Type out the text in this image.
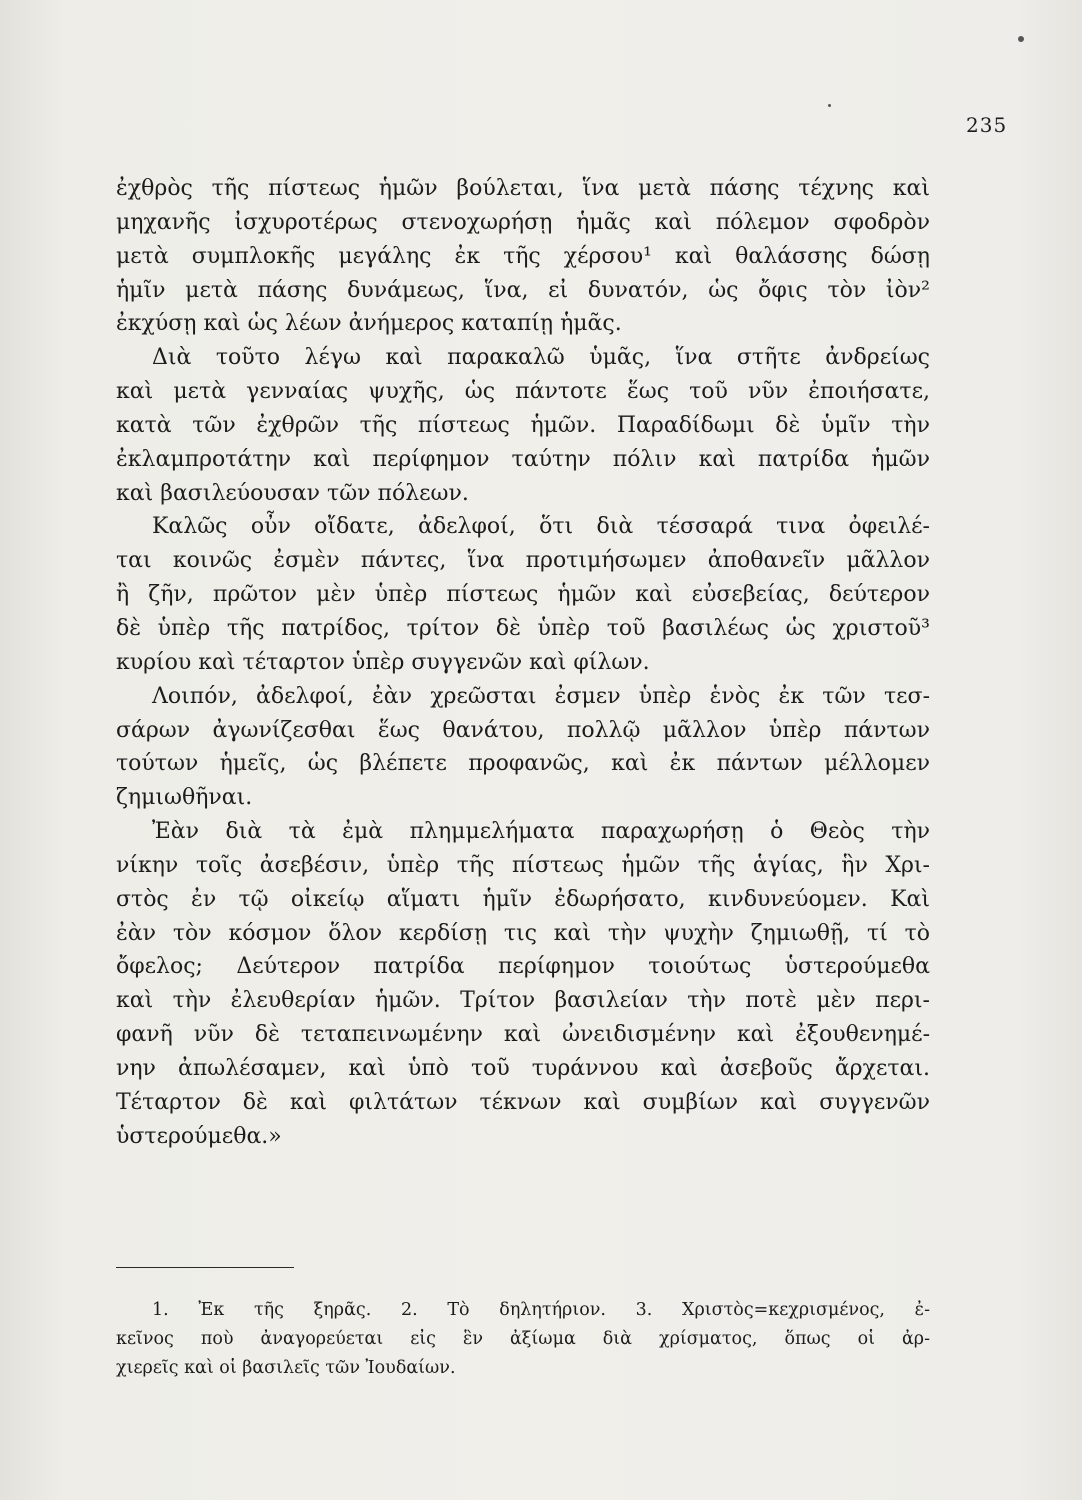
235
ἐχθρὸς τῆς πίστεως ἡμῶν βούλεται, ἵνα μετὰ πάσης τέχνης καὶ
μηχανῆς ἰσχυροτέρως στενοχωρήσῃ ἡμᾶς καὶ πόλεμον σφοδρὸν
μετὰ συμπλοκῆς μεγάλης ἐκ τῆς χέρσου¹ καὶ θαλάσσης δώσῃ
ἡμῖν μετὰ πάσης δυνάμεως, ἵνα, εἰ δυνατόν, ὡς ὄφις τὸν ἰὸν²
ἐκχύσῃ καὶ ὡς λέων ἀνήμερος καταπίῃ ἡμᾶς.
Διὰ τοῦτο λέγω καὶ παρακαλῶ ὑμᾶς, ἵνα στῆτε ἀνδρείως
καὶ μετὰ γενναίας ψυχῆς, ὡς πάντοτε ἕως τοῦ νῦν ἐποιήσατε,
κατὰ τῶν ἐχθρῶν τῆς πίστεως ἡμῶν. Παραδίδωμι δὲ ὑμῖν τὴν
ἐκλαμπροτάτην καὶ περίφημον ταύτην πόλιν καὶ πατρίδα ἡμῶν
καὶ βασιλεύουσαν τῶν πόλεων.
Καλῶς οὖν οἴδατε, ἀδελφοί, ὅτι διὰ τέσσαρά τινα ὀφειλέ-
ται κοινῶς ἐσμὲν πάντες, ἵνα προτιμήσωμεν ἀποθανεῖν μᾶλλον
ἢ ζῆν, πρῶτον μὲν ὑπὲρ πίστεως ἡμῶν καὶ εὐσεβείας, δεύτερον
δὲ ὑπὲρ τῆς πατρίδος, τρίτον δὲ ὑπὲρ τοῦ βασιλέως ὡς χριστοῦ³
κυρίου καὶ τέταρτον ὑπὲρ συγγενῶν καὶ φίλων.
Λοιπόν, ἀδελφοί, ἐὰν χρεῶσται ἐσμεν ὑπὲρ ἑνὸς ἐκ τῶν τεσ-
σάρων ἀγωνίζεσθαι ἕως θανάτου, πολλῷ μᾶλλον ὑπὲρ πάντων
τούτων ἡμεῖς, ὡς βλέπετε προφανῶς, καὶ ἐκ πάντων μέλλομεν
ζημιωθῆναι.
Ἐὰν διὰ τὰ ἐμὰ πλημμελήματα παραχωρήσῃ ὁ Θεὸς τὴν
νίκην τοῖς ἀσεβέσιν, ὑπὲρ τῆς πίστεως ἡμῶν τῆς ἁγίας, ἣν Χρι-
στὸς ἐν τῷ οἰκείῳ αἵματι ἡμῖν ἐδωρήσατο, κινδυνεύομεν. Καὶ
ἐὰν τὸν κόσμον ὅλον κερδίσῃ τις καὶ τὴν ψυχὴν ζημιωθῇ, τί τὸ
ὄφελος; Δεύτερον πατρίδα περίφημον τοιούτως ὑστερούμεθα
καὶ τὴν ἐλευθερίαν ἡμῶν. Τρίτον βασιλείαν τὴν ποτὲ μὲν περι-
φανῆ νῦν δὲ τεταπεινωμένην καὶ ὠνειδισμένην καὶ ἐξουθενημέ-
νην ἀπωλέσαμεν, καὶ ὑπὸ τοῦ τυράννου καὶ ἀσεβοῦς ἄρχεται.
Τέταρτον δὲ καὶ φιλτάτων τέκνων καὶ συμβίων καὶ συγγενῶν
ὑστερούμεθα.»
1. Ἐκ τῆς ξηρᾶς. 2. Τὸ δηλητήριον. 3. Χριστὸς=κεχρισμένος, ἐ-
κεῖνος ποὺ ἀναγορεύεται εἰς ἓν ἀξίωμα διὰ χρίσματος, ὅπως οἱ ἀρ-
χιερεῖς καὶ οἱ βασιλεῖς τῶν Ἰουδαίων.
